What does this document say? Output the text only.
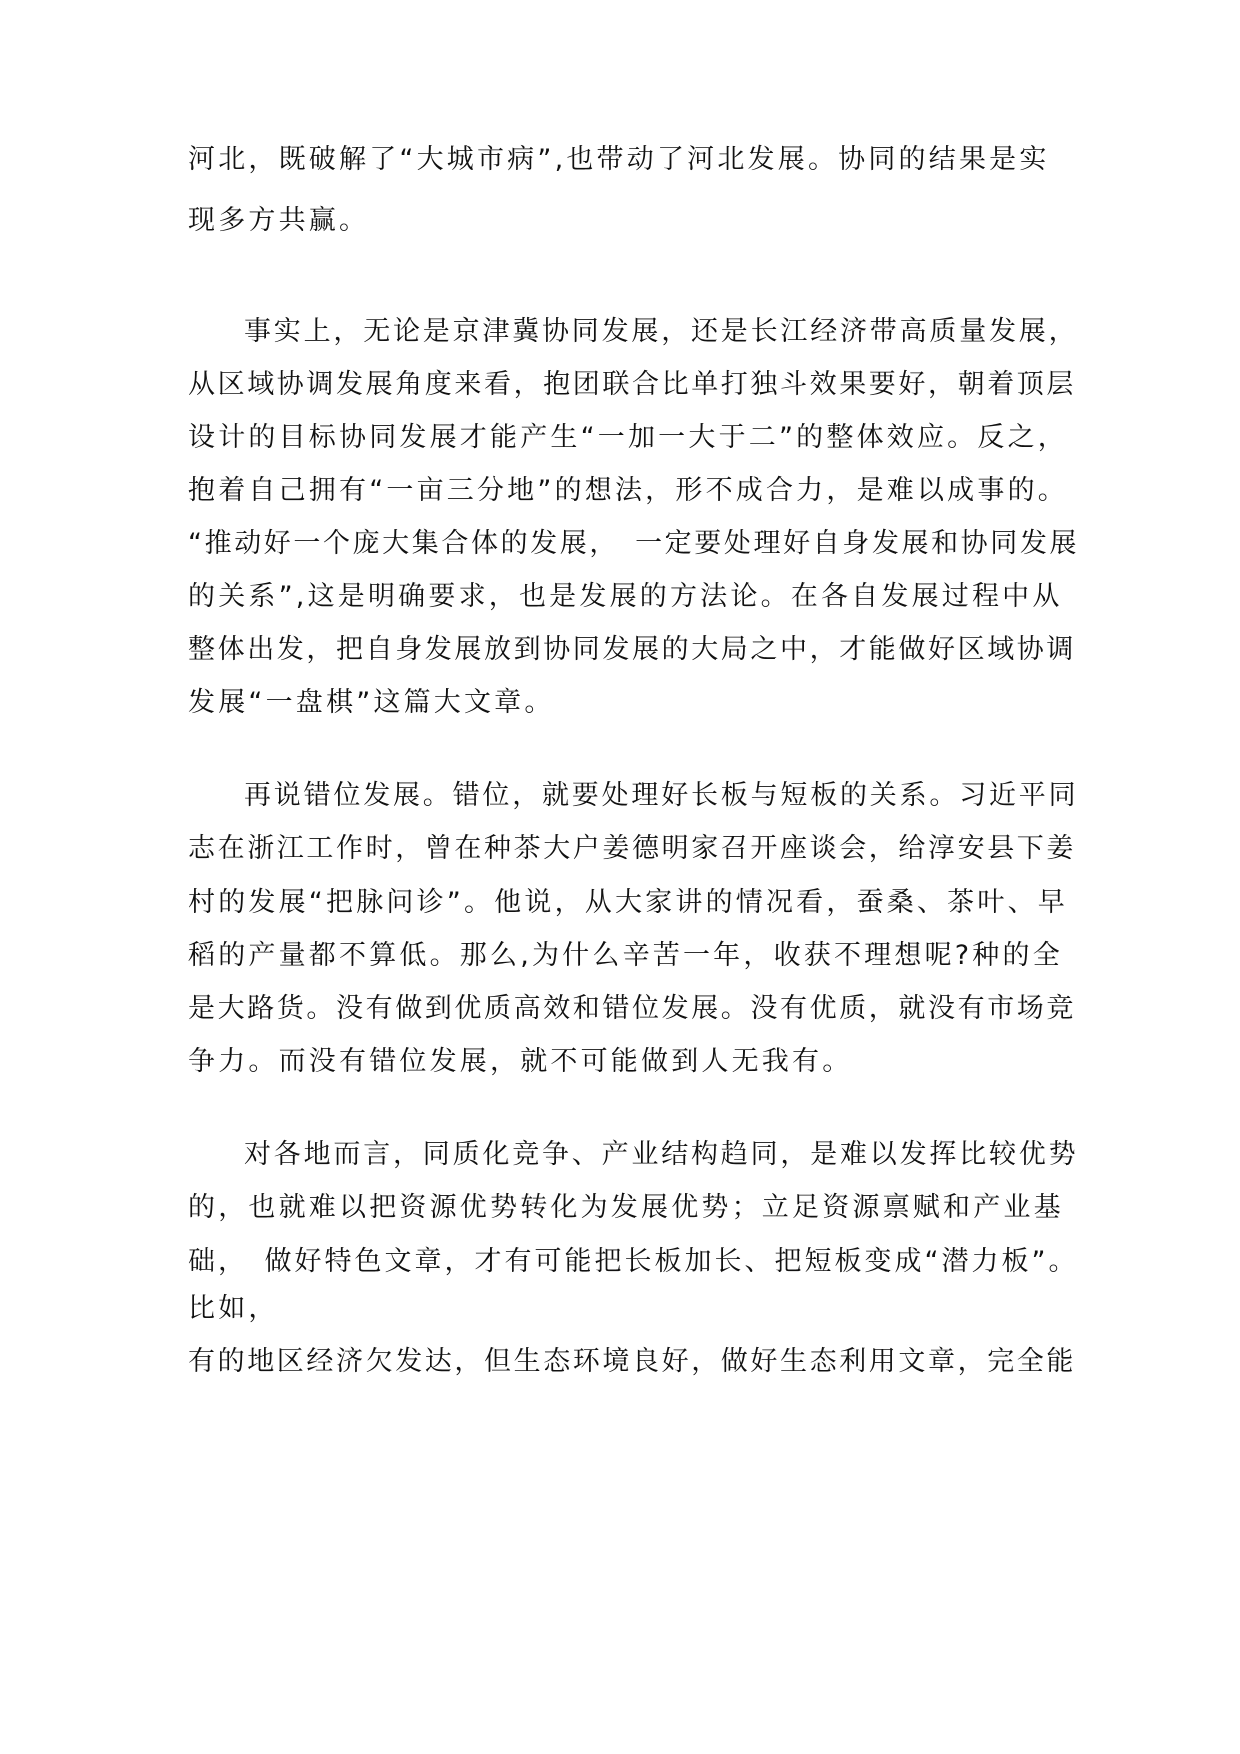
河北，既破解了“大城市病”,也带动了河北发展。协同的结果是实

现多方共赢。

事实上，无论是京津冀协同发展，还是长江经济带高质量发展，

从区域协调发展角度来看，抱团联合比单打独斗效果要好，朝着顶层

设计的目标协同发展才能产生“一加一大于二”的整体效应。反之，

抱着自己拥有“一亩三分地”的想法，形不成合力，是难以成事的。

“推动好一个庞大集合体的发展，　一定要处理好自身发展和协同发展

的关系”,这是明确要求，也是发展的方法论。在各自发展过程中从

整体出发，把自身发展放到协同发展的大局之中，才能做好区域协调

发展“一盘棋”这篇大文章。

再说错位发展。错位，就要处理好长板与短板的关系。习近平同

志在浙江工作时，曾在种茶大户姜德明家召开座谈会，给淳安县下姜

村的发展“把脉问诊”。他说，从大家讲的情况看，蚕桑、茶叶、早

稻的产量都不算低。那么,为什么辛苦一年，收获不理想呢?种的全

是大路货。没有做到优质高效和错位发展。没有优质，就没有市场竞

争力。而没有错位发展，就不可能做到人无我有。

对各地而言，同质化竞争、产业结构趋同，是难以发挥比较优势

的，也就难以把资源优势转化为发展优势；立足资源禀赋和产业基

础，　做好特色文章，才有可能把长板加长、把短板变成“潜力板”。

比如，

有的地区经济欠发达，但生态环境良好，做好生态利用文章，完全能
